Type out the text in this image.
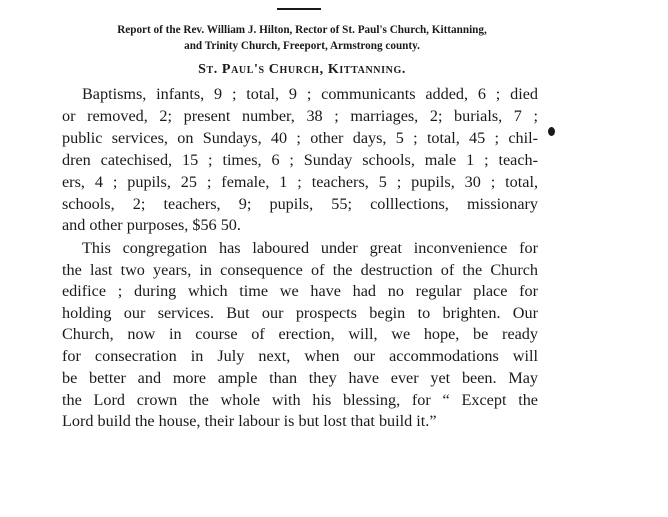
Report of the Rev. William J. Hilton, Rector of St. Paul's Church, Kittanning,
and Trinity Church, Freeport, Armstrong county.
St. Paul's Church, Kittanning.
Baptisms, infants, 9 ; total, 9 ; communicants added, 6 ; died
or removed, 2; present number, 38 ; marriages, 2; burials, 7 ;
public services, on Sundays, 40 ; other days, 5 ; total, 45 ; chil-
dren catechised, 15 ; times, 6 ; Sunday schools, male 1 ; teach-
ers, 4 ; pupils, 25 ; female, 1 ; teachers, 5 ; pupils, 30 ; total,
schools, 2; teachers, 9; pupils, 55; colllections, missionary
and other purposes, $56 50.
This congregation has laboured under great inconvenience for
the last two years, in consequence of the destruction of the Church
edifice ; during which time we have had no regular place for
holding our services. But our prospects begin to brighten. Our
Church, now in course of erection, will, we hope, be ready
for consecration in July next, when our accommodations will
be better and more ample than they have ever yet been. May
the Lord crown the whole with his blessing, for “ Except the
Lord build the house, their labour is but lost that build it.”
